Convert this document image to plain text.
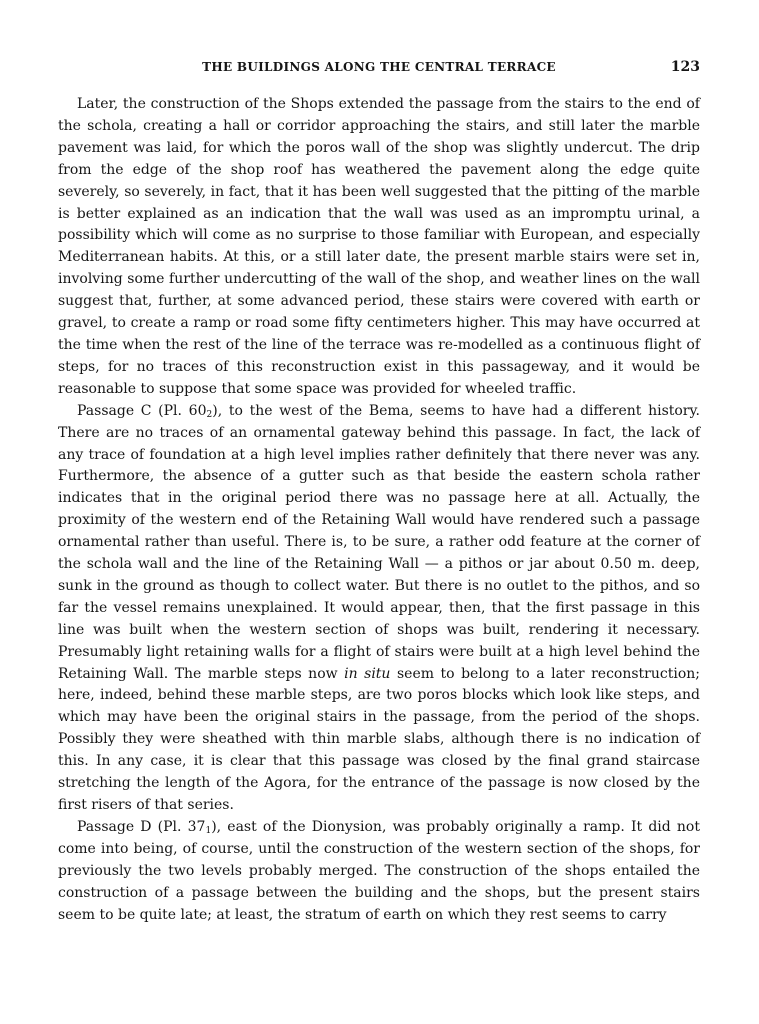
THE BUILDINGS ALONG THE CENTRAL TERRACE	123

Later, the construction of the Shops extended the passage from the stairs to the end of the schola, creating a hall or corridor approaching the stairs, and still later the marble pavement was laid, for which the poros wall of the shop was slightly undercut. The drip from the edge of the shop roof has weathered the pavement along the edge quite severely, so severely, in fact, that it has been well suggested that the pitting of the marble is better explained as an indication that the wall was used as an impromptu urinal, a possibility which will come as no surprise to those familiar with European, and especially Mediterranean habits. At this, or a still later date, the present marble stairs were set in, involving some further undercutting of the wall of the shop, and weather lines on the wall suggest that, further, at some advanced period, these stairs were covered with earth or gravel, to create a ramp or road some fifty centimeters higher. This may have occurred at the time when the rest of the line of the terrace was re-modelled as a continuous flight of steps, for no traces of this reconstruction exist in this passageway, and it would be reasonable to suppose that some space was provided for wheeled traffic.

Passage C (Pl. $60_2$), to the west of the Bema, seems to have had a different history. There are no traces of an ornamental gateway behind this passage. In fact, the lack of any trace of foundation at a high level implies rather definitely that there never was any. Furthermore, the absence of a gutter such as that beside the eastern schola rather indicates that in the original period there was no passage here at all. Actually, the proximity of the western end of the Retaining Wall would have rendered such a passage ornamental rather than useful. There is, to be sure, a rather odd feature at the corner of the schola wall and the line of the Retaining Wall — a pithos or jar about 0.50 m. deep, sunk in the ground as though to collect water. But there is no outlet to the pithos, and so far the vessel remains unexplained. It would appear, then, that the first passage in this line was built when the western section of shops was built, rendering it necessary. Presumably light retaining walls for a flight of stairs were built at a high level behind the Retaining Wall. The marble steps now in situ seem to belong to a later reconstruction; here, indeed, behind these marble steps, are two poros blocks which look like steps, and which may have been the original stairs in the passage, from the period of the shops. Possibly they were sheathed with thin marble slabs, although there is no indication of this. In any case, it is clear that this passage was closed by the final grand staircase stretching the length of the Agora, for the entrance of the passage is now closed by the first risers of that series.

Passage D (Pl. $37_1$), east of the Dionysion, was probably originally a ramp. It did not come into being, of course, until the construction of the western section of the shops, for previously the two levels probably merged. The construction of the shops entailed the construction of a passage between the building and the shops, but the present stairs seem to be quite late; at least, the stratum of earth on which they rest seems to carry
